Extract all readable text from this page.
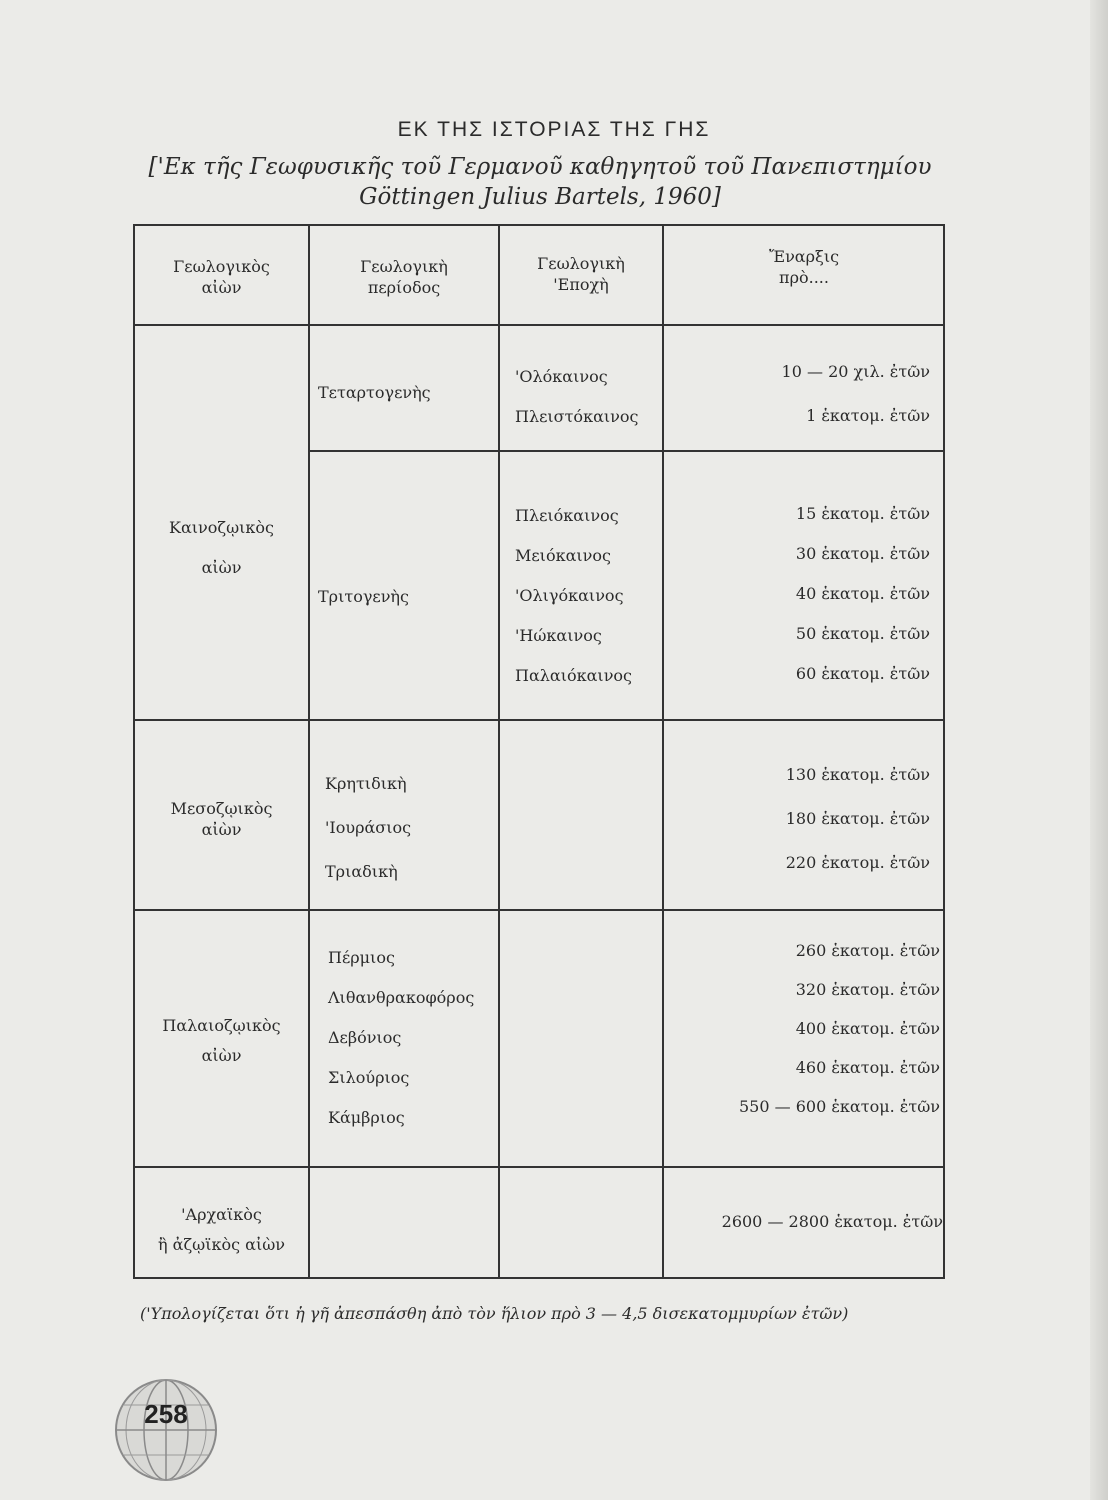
ΕΚ ΤΗΣ ΙΣΤΟΡΙΑΣ ΤΗΣ ΓΗΣ
['Εκ τῆς Γεωφυσικῆς τοῦ Γερμανοῦ καθηγητοῦ τοῦ Πανεπιστημίου
Göttingen Julius Bartels, 1960]
Γεωλογικὸς
αἰὼν
Γεωλογικὴ
περίοδος
Γεωλογικὴ
'Εποχὴ
Ἔναρξις
πρὸ....
Καινοζῳικὸς
αἰὼν
Τεταρτογενὴς
'Ολόκαινος
Πλειστόκαινος
10 — 20 χιλ. ἐτῶν
1 ἑκατομ. ἐτῶν
Τριτογενὴς
Πλειόκαινος
Μειόκαινος
'Ολιγόκαινος
'Ηώκαινος
Παλαιόκαινος
15 ἑκατομ. ἐτῶν
30 ἑκατομ. ἐτῶν
40 ἑκατομ. ἐτῶν
50 ἑκατομ. ἐτῶν
60 ἑκατομ. ἐτῶν
Μεσοζῳικὸς
αἰὼν
Κρητιδικὴ
'Ιουράσιος
Τριαδικὴ
130 ἑκατομ. ἐτῶν
180 ἑκατομ. ἐτῶν
220 ἑκατομ. ἐτῶν
Παλαιοζῳικὸς
αἰὼν
Πέρμιος
Λιθανθρακοφόρος
Δεβόνιος
Σιλούριος
Κάμβριος
260 ἑκατομ. ἐτῶν
320 ἑκατομ. ἐτῶν
400 ἑκατομ. ἐτῶν
460 ἑκατομ. ἐτῶν
550 — 600 ἑκατομ. ἐτῶν
'Αρχαϊκὸς
ἢ ἀζῳϊκὸς αἰὼν
2600 — 2800 ἑκατομ. ἐτῶν
('Υπολογίζεται ὅτι ἡ γῆ ἀπεσπάσθη ἀπὸ τὸν ἥλιον πρὸ 3 — 4,5 δισεκατομμυρίων ἐτῶν)
258
